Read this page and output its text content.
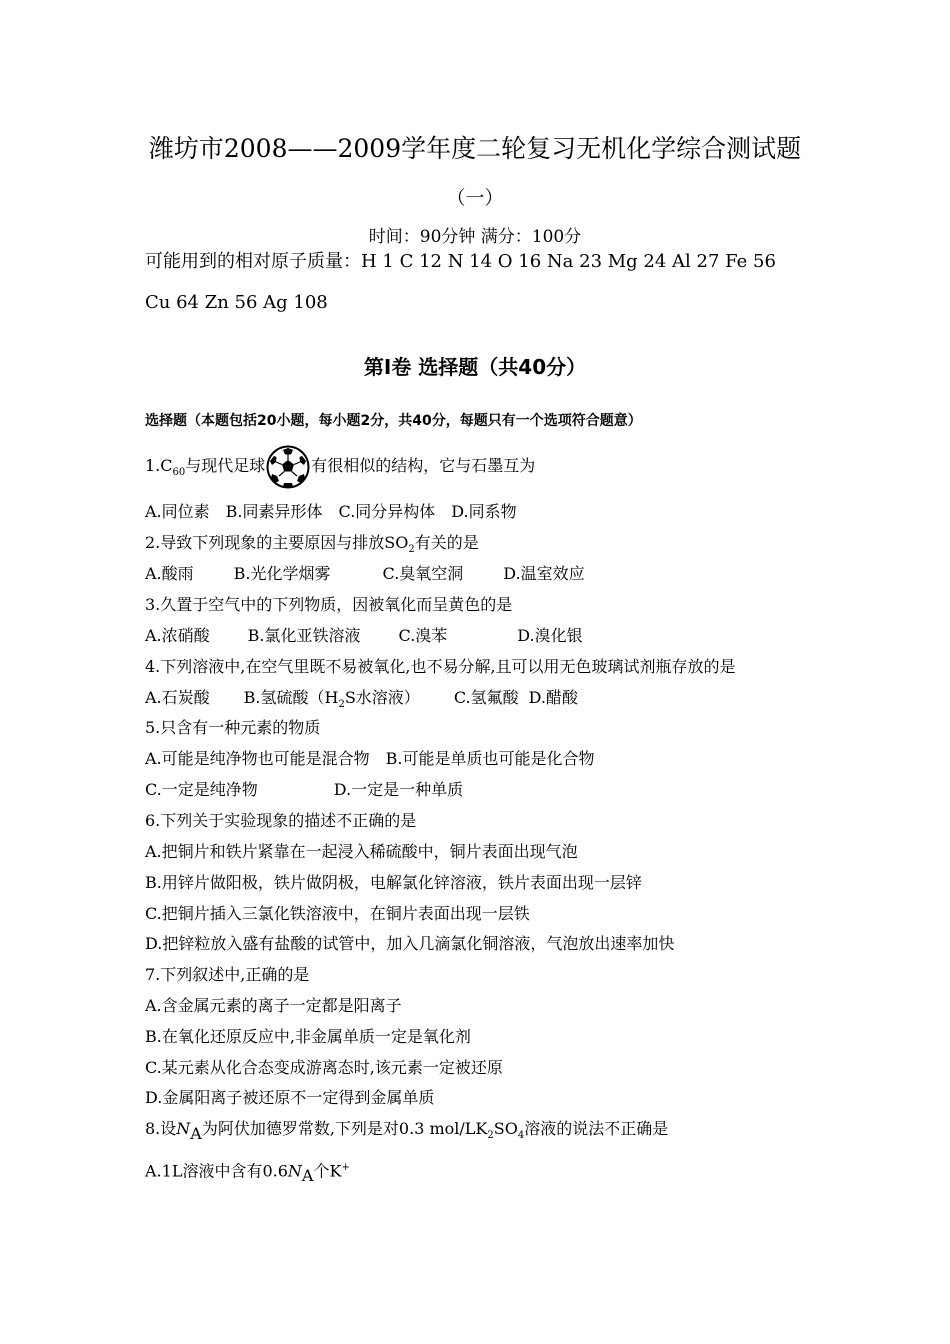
潍坊市2008——2009学年度二轮复习无机化学综合测试题
（一）
时间：90分钟 满分：100分
可能用到的相对原子质量：H 1 C 12 N 14 O 16 Na 23 Mg 24 Al 27 Fe 56
Cu 64 Zn 56 Ag 108
第Ⅰ卷 选择题（共40分）
选择题（本题包括20小题，每小题2分，共40分，每题只有一个选项符合题意）
$1.C_{60}$与现代足球	有很相似的结构，它与石墨互为
A.同位素 B.同素异形体 C.同分异构体 D.同系物
2.导致下列现象的主要原因与排放$SO_2$有关的是
A.酸雨	B.光化学烟雾	C.臭氧空洞	D.温室效应
3.久置于空气中的下列物质，因被氧化而呈黄色的是
A.浓硝酸 B.氯化亚铁溶液 C.溴苯	D.溴化银
4.下列溶液中,在空气里既不易被氧化,也不易分解,且可以用无色玻璃试剂瓶存放的是
A.石炭酸 B.氢硫酸（$H_2S$水溶液） C.氢氟酸 D.醋酸
5.只含有一种元素的物质
A.可能是纯净物也可能是混合物 B.可能是单质也可能是化合物
C.一定是纯净物	D.一定是一种单质
6.下列关于实验现象的描述不正确的是
A.把铜片和铁片紧靠在一起浸入稀硫酸中，铜片表面出现气泡
B.用锌片做阳极，铁片做阴极，电解氯化锌溶液，铁片表面出现一层锌
C.把铜片插入三氯化铁溶液中，在铜片表面出现一层铁
D.把锌粒放入盛有盐酸的试管中，加入几滴氯化铜溶液，气泡放出速率加快
7.下列叙述中,正确的是
A.含金属元素的离子一定都是阳离子
B.在氧化还原反应中,非金属单质一定是氧化剂
C.某元素从化合态变成游离态时,该元素一定被还原
D.金属阳离子被还原不一定得到金属单质
8.设NA为阿伏加德罗常数,下列是对0.3 mol/$LK_2SO_4$溶液的说法不正确是
A.1L溶液中含有0.6NA个K+
